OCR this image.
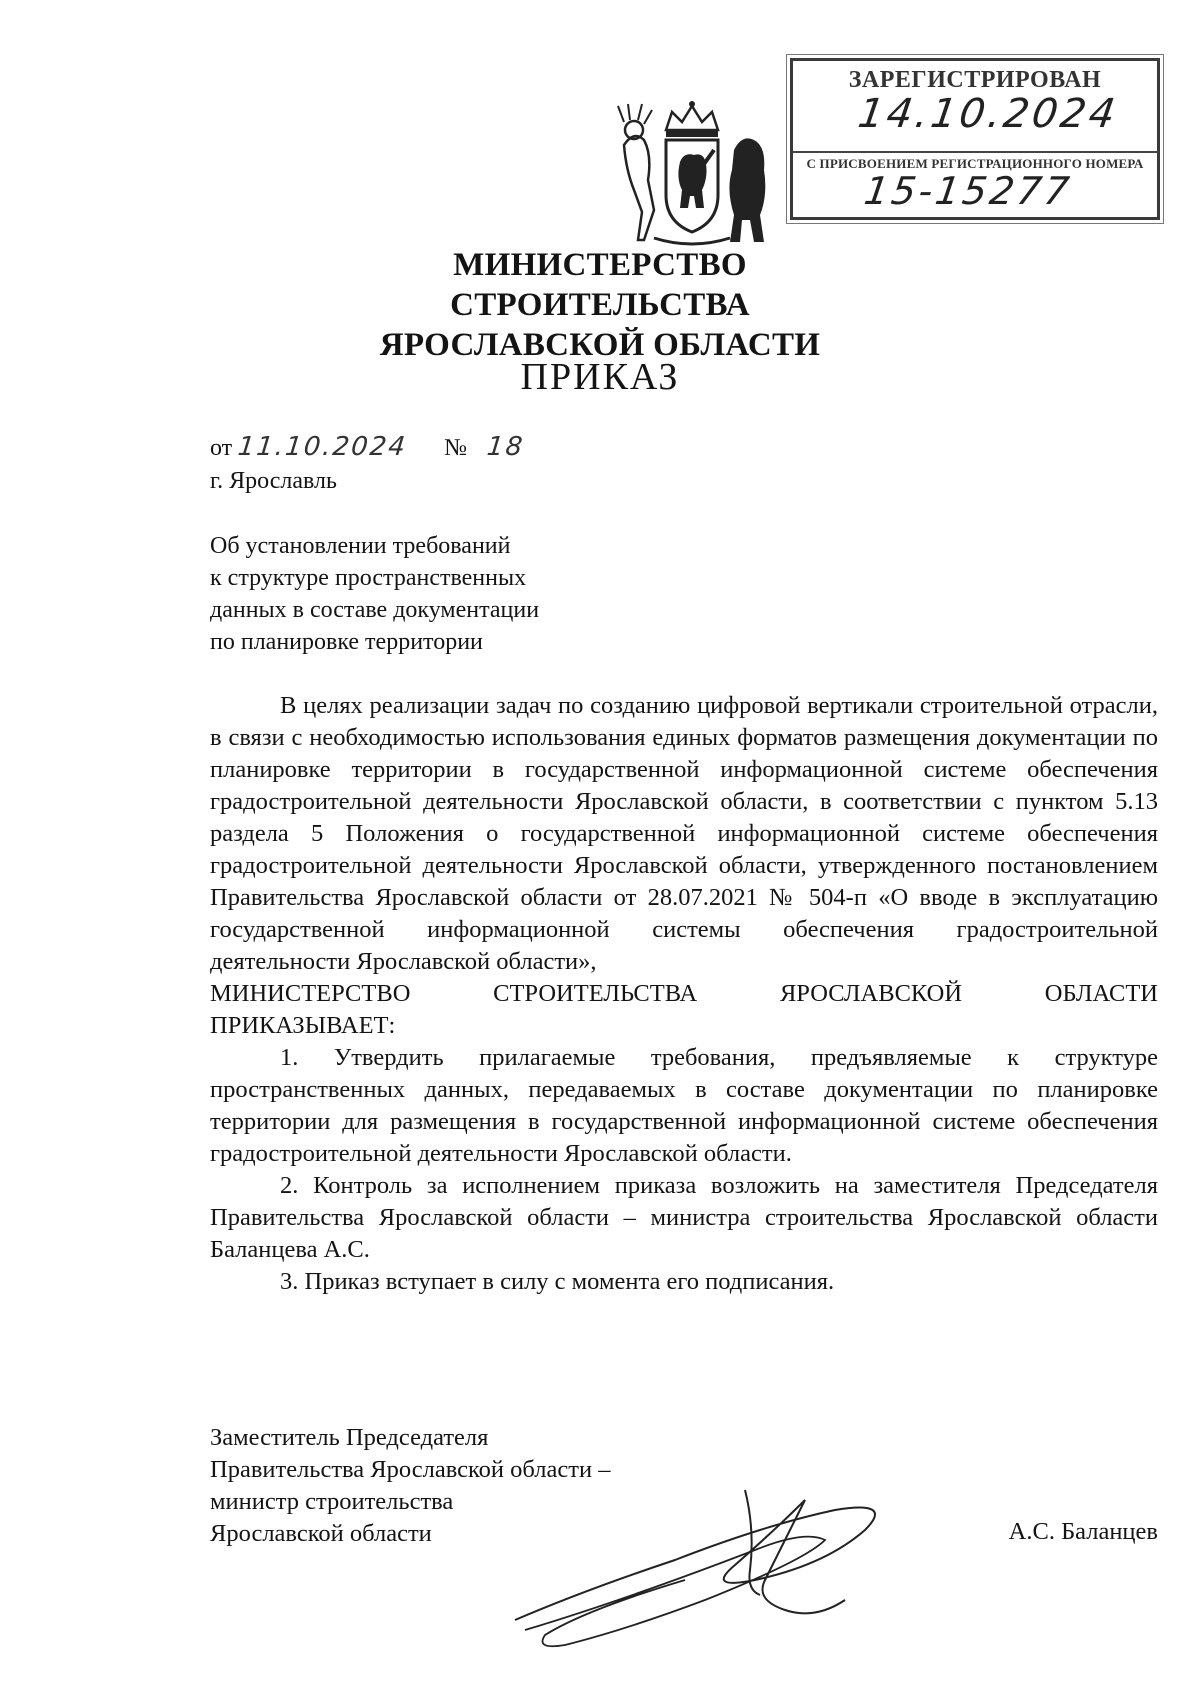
ЗАРЕГИСТРИРОВАН
14.10.2024
С ПРИСВОЕНИЕМ РЕГИСТРАЦИОННОГО НОМЕРА
15-15277
МИНИСТЕРСТВО СТРОИТЕЛЬСТВА
ЯРОСЛАВСКОЙ ОБЛАСТИ
ПРИКАЗ
от 11.10.2024 № 18
г. Ярославль
Об установлении требований
к структуре пространственных
данных в составе документации
по планировке территории

В целях реализации задач по созданию цифровой вертикали строительной отрасли, в связи с необходимостью использования единых форматов размещения документации по планировке территории в государственной информационной системе обеспечения градостроительной деятельности Ярославской области, в соответствии с пунктом 5.13 раздела 5 Положения о государственной информационной системе обеспечения градостроительной деятельности Ярославской области, утвержденного постановлением Правительства Ярославской области от 28.07.2021 № 504-п «О вводе в эксплуатацию государственной информационной системы обеспечения градостроительной деятельности Ярославской области»,

МИНИСТЕРСТВО СТРОИТЕЛЬСТВА ЯРОСЛАВСКОЙ ОБЛАСТИ

ПРИКАЗЫВАЕТ:

1. Утвердить прилагаемые требования, предъявляемые к структуре пространственных данных, передаваемых в составе документации по планировке территории для размещения в государственной информационной системе обеспечения градостроительной деятельности Ярославской области.

2. Контроль за исполнением приказа возложить на заместителя Председателя Правительства Ярославской области – министра строительства Ярославской области Баланцева А.С.

3. Приказ вступает в силу с момента его подписания.

Заместитель Председателя
Правительства Ярославской области –
министр строительства
Ярославской области	А.С. Баланцев
